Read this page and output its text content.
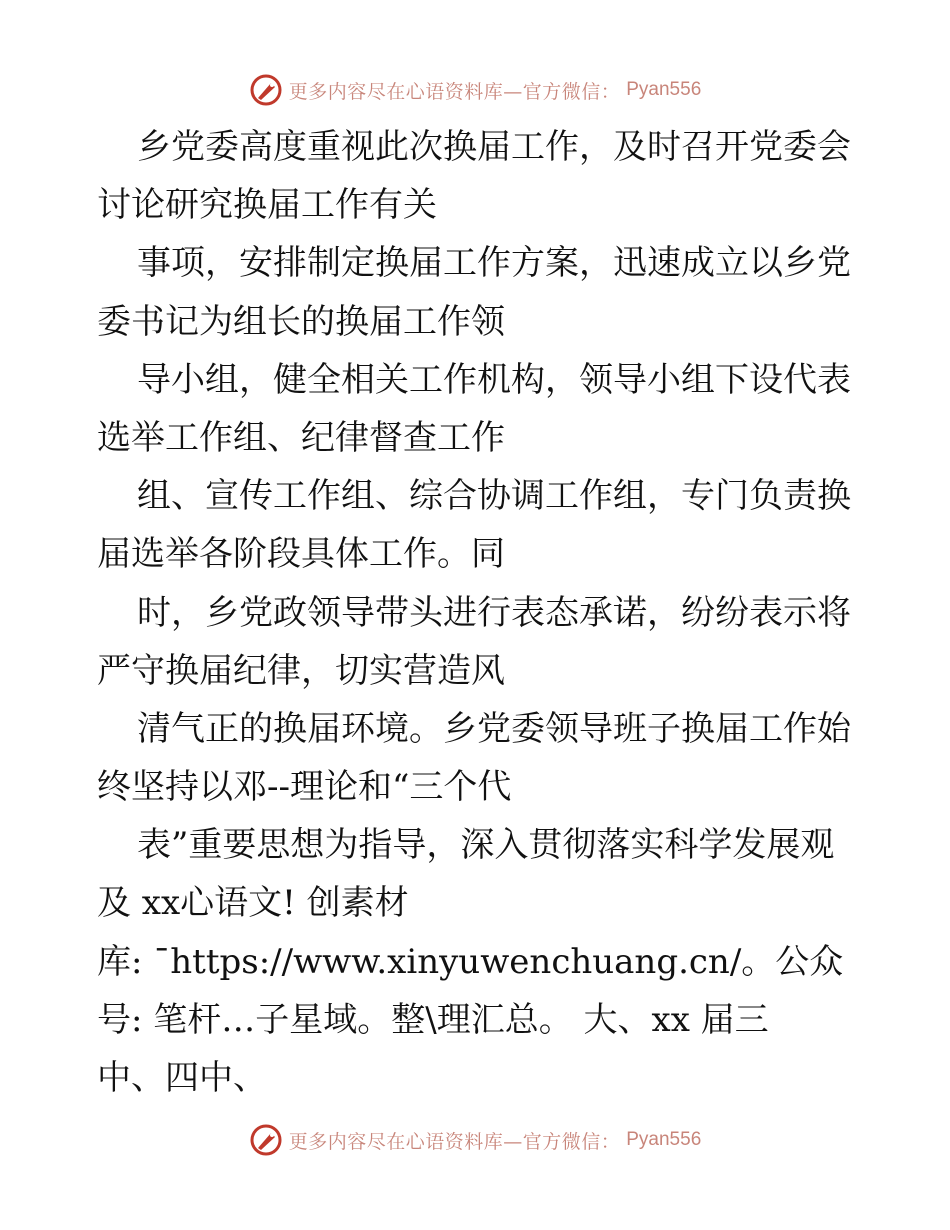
更多内容尽在心语资料库—官方微信： Pyan556
乡党委高度重视此次换届工作，及时召开党委会
讨论研究换届工作有关
事项，安排制定换届工作方案，迅速成立以乡党
委书记为组长的换届工作领
导小组，健全相关工作机构，领导小组下设代表
选举工作组、纪律督查工作
组、宣传工作组、综合协调工作组，专门负责换
届选举各阶段具体工作。同
时，乡党政领导带头进行表态承诺，纷纷表示将
严守换届纪律，切实营造风
清气正的换届环境。乡党委领导班子换届工作始
终坚持以邓--理论和“三个代
表”重要思想为指导，深入贯彻落实科学发展观
及 xx心语文! 创素材
库: ¯https://www.xinyuwenchuang.cn/。公众
号: 笔杆…子星域。整\理汇总。 大、xx 届三
中、四中、
更多内容尽在心语资料库—官方微信： Pyan556
